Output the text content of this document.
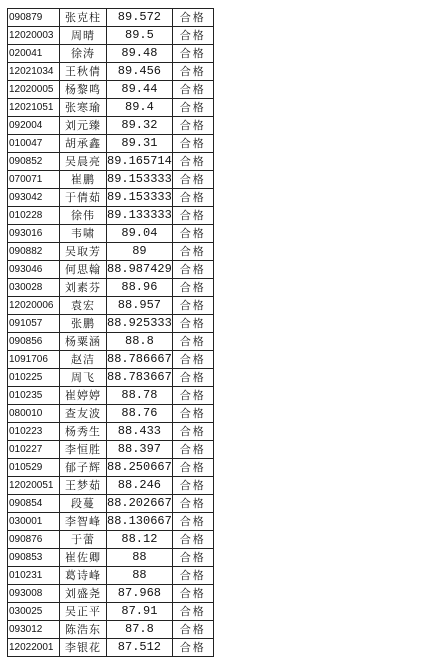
090879	张克柱	89.572	合格
12020003	周晴	89.5	合格
020041	徐涛	89.48	合格
12021034	王秋倩	89.456	合格
12020005	杨黎鸣	89.44	合格
12021051	张寒瑜	89.4	合格
092004	刘元臻	89.32	合格
010047	胡承鑫	89.31	合格
090852	吴晨亮	89.165714	合格
070071	崔鹏	89.153333	合格
093042	于倩茹	89.153333	合格
010228	徐伟	89.133333	合格
093016	韦啸	89.04	合格
090882	吴取芳	89	合格
093046	何思翰	88.987429	合格
030028	刘素芬	88.96	合格
12020006	袁宏	88.957	合格
091057	张鹏	88.925333	合格
090856	杨粟涵	88.8	合格
1091706	赵洁	88.786667	合格
010225	周飞	88.783667	合格
010235	崔婷婷	88.78	合格
080010	查友波	88.76	合格
010223	杨秀生	88.433	合格
010227	李恒胜	88.397	合格
010529	郁子辉	88.250667	合格
12020051	王梦茹	88.246	合格
090854	段蔓	88.202667	合格
030001	李智峰	88.130667	合格
090876	于蕾	88.12	合格
090853	崔佐卿	88	合格
010231	葛诗峰	88	合格
093008	刘盛尧	87.968	合格
030025	吴正平	87.91	合格
093012	陈浩东	87.8	合格
12022001	李银花	87.512	合格
